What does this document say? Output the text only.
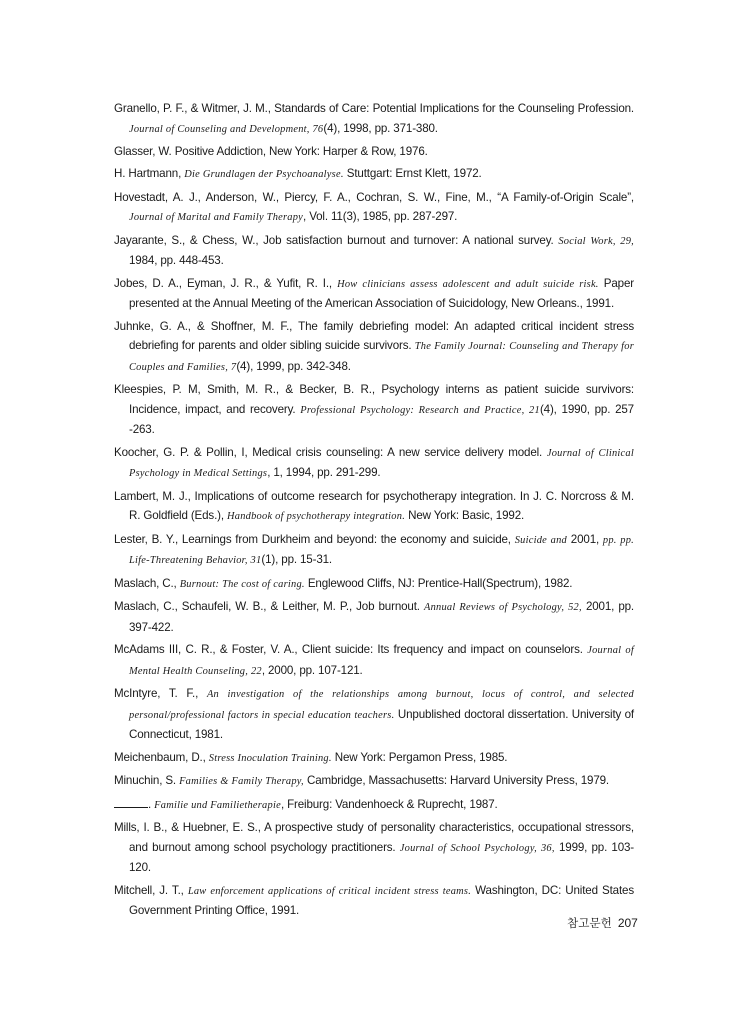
Granello, P. F., & Witmer, J. M., Standards of Care: Potential Implications for the Counseling Profession. Journal of Counseling and Development, 76(4), 1998, pp. 371-380.

Glasser, W. Positive Addiction, New York: Harper & Row, 1976.

H. Hartmann, Die Grundlagen der Psychoanalyse. Stuttgart: Ernst Klett, 1972.

Hovestadt, A. J., Anderson, W., Piercy, F. A., Cochran, S. W., Fine, M., “A Family-of-Origin Scale”, Journal of Marital and Family Therapy, Vol. 11(3), 1985, pp. 287-297.

Jayarante, S., & Chess, W., Job satisfaction burnout and turnover: A national survey. Social Work, 29, 1984, pp. 448-453.

Jobes, D. A., Eyman, J. R., & Yufit, R. I., How clinicians assess adolescent and adult suicide risk. Paper presented at the Annual Meeting of the American Association of Suicidology, New Orleans., 1991.

Juhnke, G. A., & Shoffner, M. F., The family debriefing model: An adapted critical incident stress debriefing for parents and older sibling suicide survivors. The Family Journal: Counseling and Therapy for Couples and Families, 7(4), 1999, pp. 342-348.

Kleespies, P. M, Smith, M. R., & Becker, B. R., Psychology interns as patient suicide survivors: Incidence, impact, and recovery. Professional Psychology: Research and Practice, 21(4), 1990, pp. 257 -263.

Koocher, G. P. & Pollin, I, Medical crisis counseling: A new service delivery model. Journal of Clinical Psychology in Medical Settings, 1, 1994, pp. 291-299.

Lambert, M. J., Implications of outcome research for psychotherapy integration. In J. C. Norcross & M. R. Goldfield (Eds.), Handbook of psychotherapy integration. New York: Basic, 1992.

Lester, B. Y., Learnings from Durkheim and beyond: the economy and suicide, Suicide and 2001, pp. pp. Life-Threatening Behavior, 31(1), pp. 15-31.

Maslach, C., Burnout: The cost of caring. Englewood Cliffs, NJ: Prentice-Hall(Spectrum), 1982.

Maslach, C., Schaufeli, W. B., & Leither, M. P., Job burnout. Annual Reviews of Psychology, 52, 2001, pp. 397-422.

McAdams III, C. R., & Foster, V. A., Client suicide: Its frequency and impact on counselors. Journal of Mental Health Counseling, 22, 2000, pp. 107-121.

McIntyre, T. F., An investigation of the relationships among burnout, locus of control, and selected personal/professional factors in special education teachers. Unpublished doctoral dissertation. University of Connecticut, 1981.

Meichenbaum, D., Stress Inoculation Training. New York: Pergamon Press, 1985.

Minuchin, S. Families & Family Therapy, Cambridge, Massachusetts: Harvard University Press, 1979.

. Familie und Familietherapie, Freiburg: Vandenhoeck & Ruprecht, 1987.

Mills, I. B., & Huebner, E. S., A prospective study of personality characteristics, occupational stressors, and burnout among school psychology practitioners. Journal of School Psychology, 36, 1999, pp. 103-120.

Mitchell, J. T., Law enforcement applications of critical incident stress teams. Washington, DC: United States Government Printing Office, 1991.

참고문헌 207
